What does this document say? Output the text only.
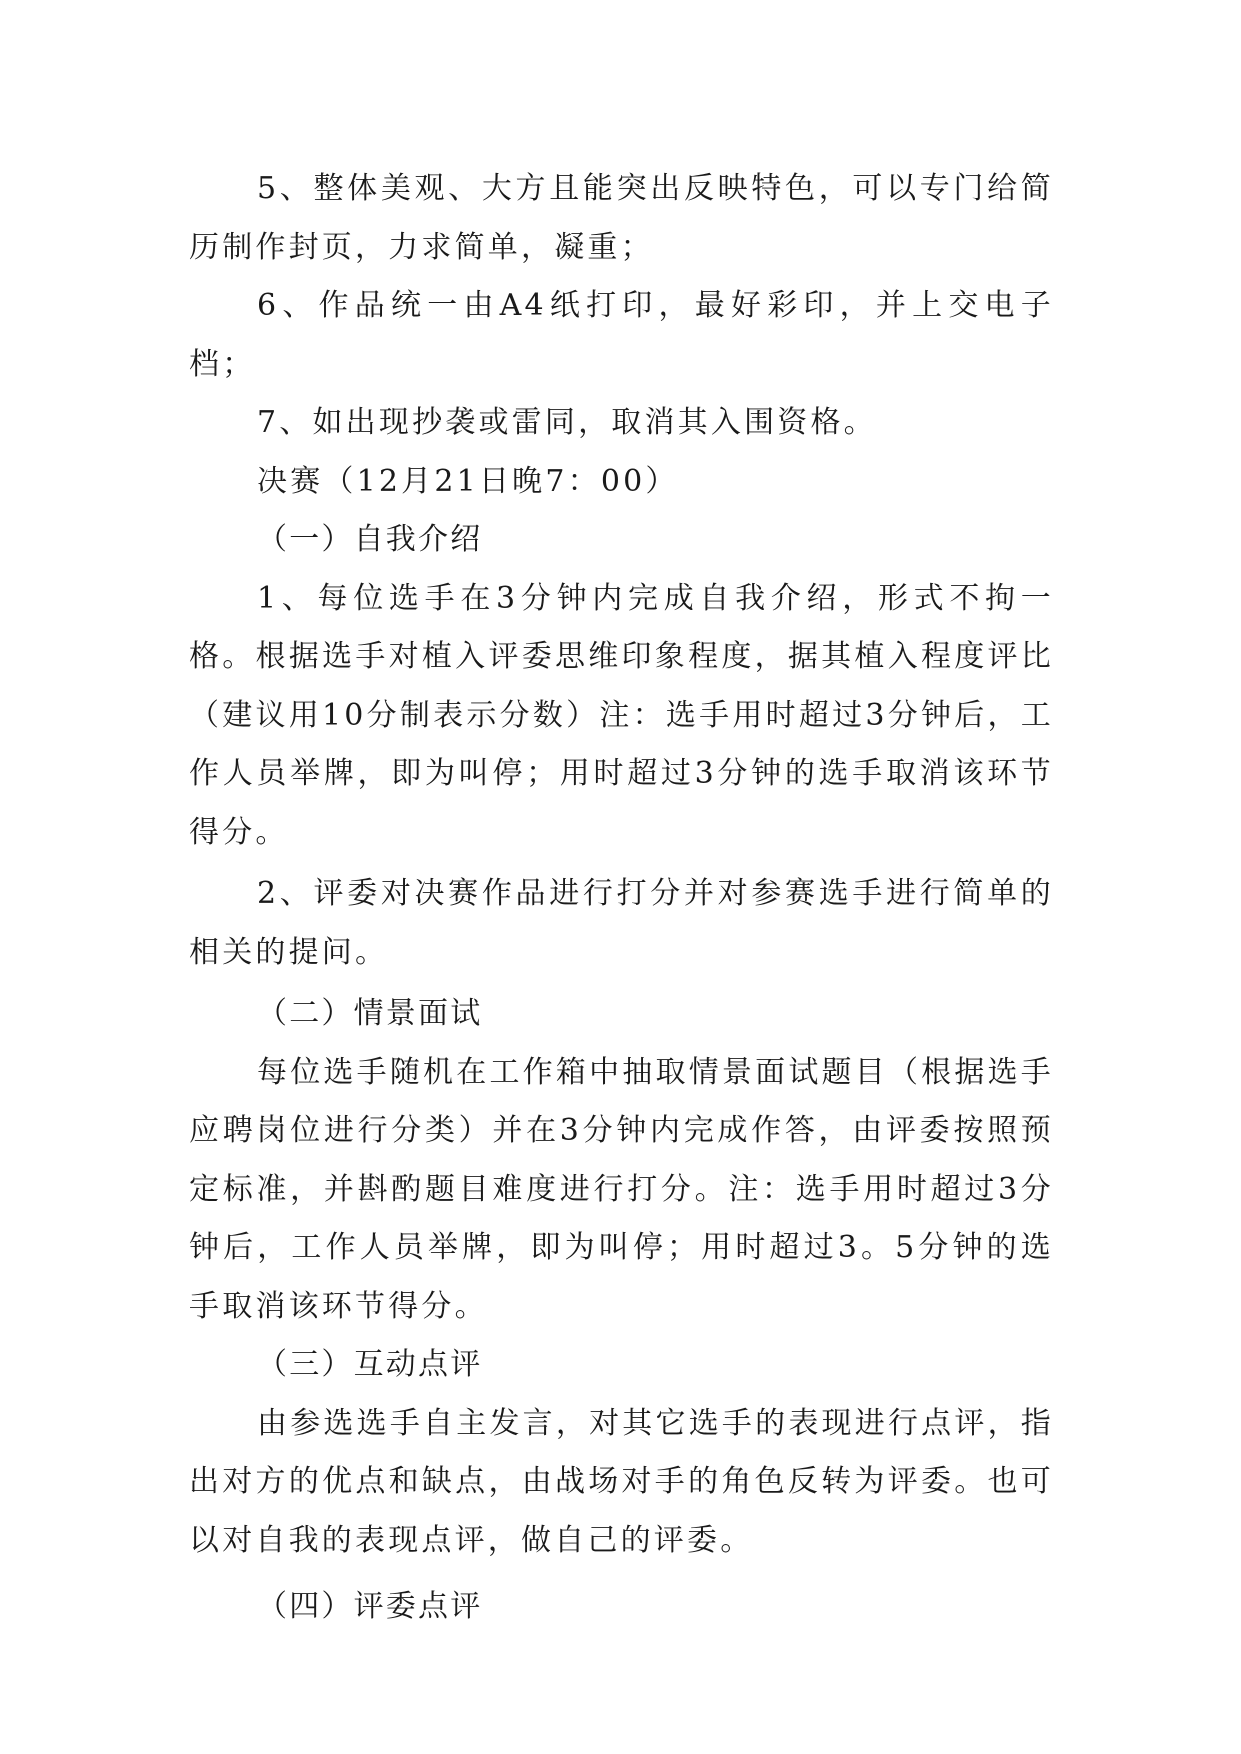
5、整体美观、大方且能突出反映特色，可以专门给简历制作封页，力求简单，凝重；

6、作品统一由A4纸打印，最好彩印，并上交电子档；

7、如出现抄袭或雷同，取消其入围资格。

决赛（12月21日晚7：00）

（一）自我介绍

1、每位选手在3分钟内完成自我介绍，形式不拘一格。根据选手对植入评委思维印象程度，据其植入程度评比（建议用10分制表示分数）注：选手用时超过3分钟后，工作人员举牌，即为叫停；用时超过3分钟的选手取消该环节得分。

2、评委对决赛作品进行打分并对参赛选手进行简单的相关的提问。

（二）情景面试

每位选手随机在工作箱中抽取情景面试题目（根据选手应聘岗位进行分类）并在3分钟内完成作答，由评委按照预定标准，并斟酌题目难度进行打分。注：选手用时超过3分钟后，工作人员举牌，即为叫停；用时超过3。5分钟的选手取消该环节得分。

（三）互动点评

由参选选手自主发言，对其它选手的表现进行点评，指出对方的优点和缺点，由战场对手的角色反转为评委。也可以对自我的表现点评，做自己的评委。

（四）评委点评
